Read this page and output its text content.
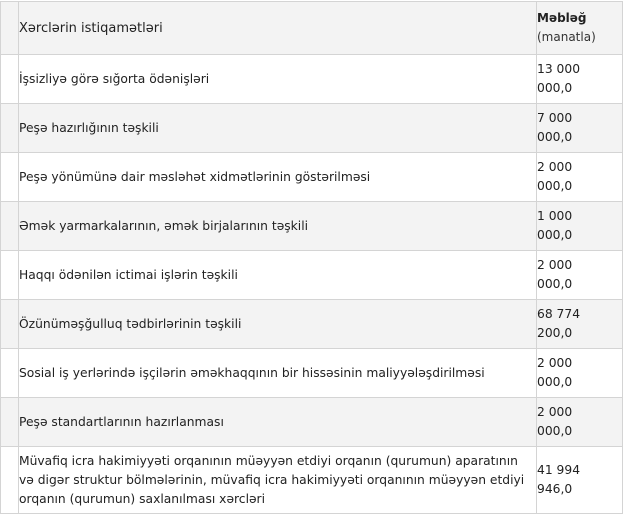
	Xərclərin istiqamətləri	Məbləğ
(manatla)

	İşsizliyə görə sığorta ödənişləri	13 000
000,0

	Peşə hazırlığının təşkili	7 000
000,0

	Peşə yönümünə dair məsləhət xidmətlərinin göstərilməsi	2 000
000,0

	Əmək yarmarkalarının, əmək birjalarının təşkili	1 000
000,0

	Haqqı ödənilən ictimai işlərin təşkili	2 000
000,0

	Özünüməşğulluq tədbirlərinin təşkili	68 774
200,0

	Sosial iş yerlərində işçilərin əməkhaqqının bir hissəsinin maliyyələşdirilməsi	2 000
000,0

	Peşə standartlarının hazırlanması	2 000
000,0

	Müvafiq icra hakimiyyəti orqanının müəyyən etdiyi orqanın (qurumun) aparatının və digər struktur bölmələrinin, müvafiq icra hakimiyyəti orqanının müəyyən etdiyi orqanın (qurumun) saxlanılması xərcləri	41 994
946,0
